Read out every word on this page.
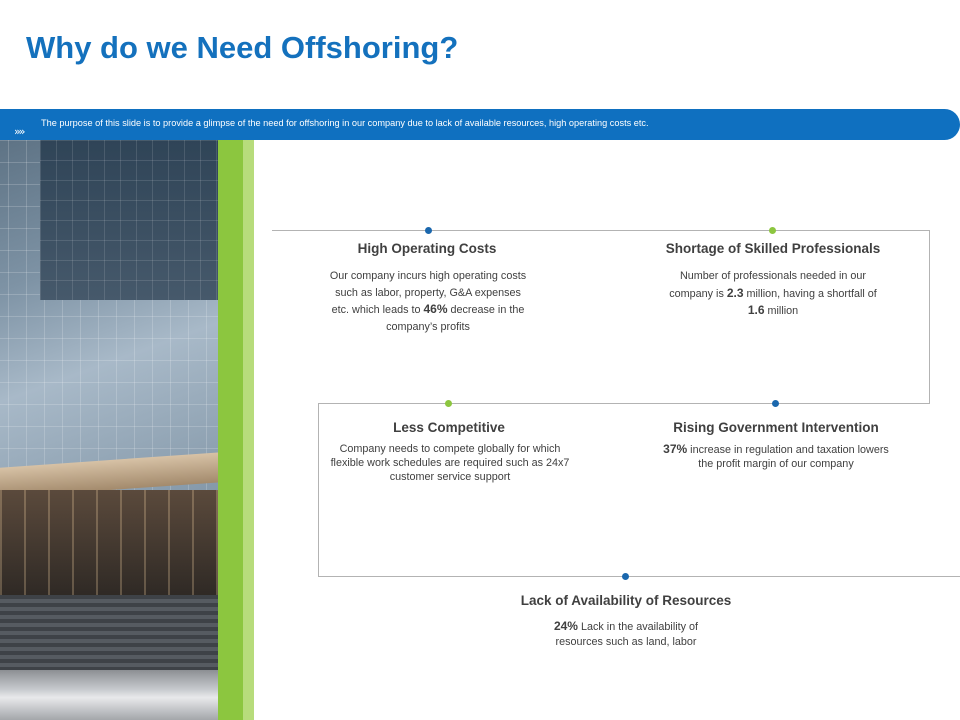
Why do we Need Offshoring?
»»
The purpose of this slide is to provide a glimpse of the need for offshoring in our company due to lack of available resources, high operating costs etc.
High Operating Costs
Our company incurs high operating costs such as labor, property, G&A expenses etc. which leads to 46% decrease in the company’s profits
Shortage of Skilled Professionals
Number of professionals needed in our company is 2.3 million, having a shortfall of 1.6 million
Less Competitive
Company needs to compete globally for which flexible work schedules are required such as 24x7 customer service support
Rising Government Intervention
37% increase in regulation and taxation lowers the profit margin of our company
Lack of Availability of Resources
24% Lack in the availability of resources such as land, labor
